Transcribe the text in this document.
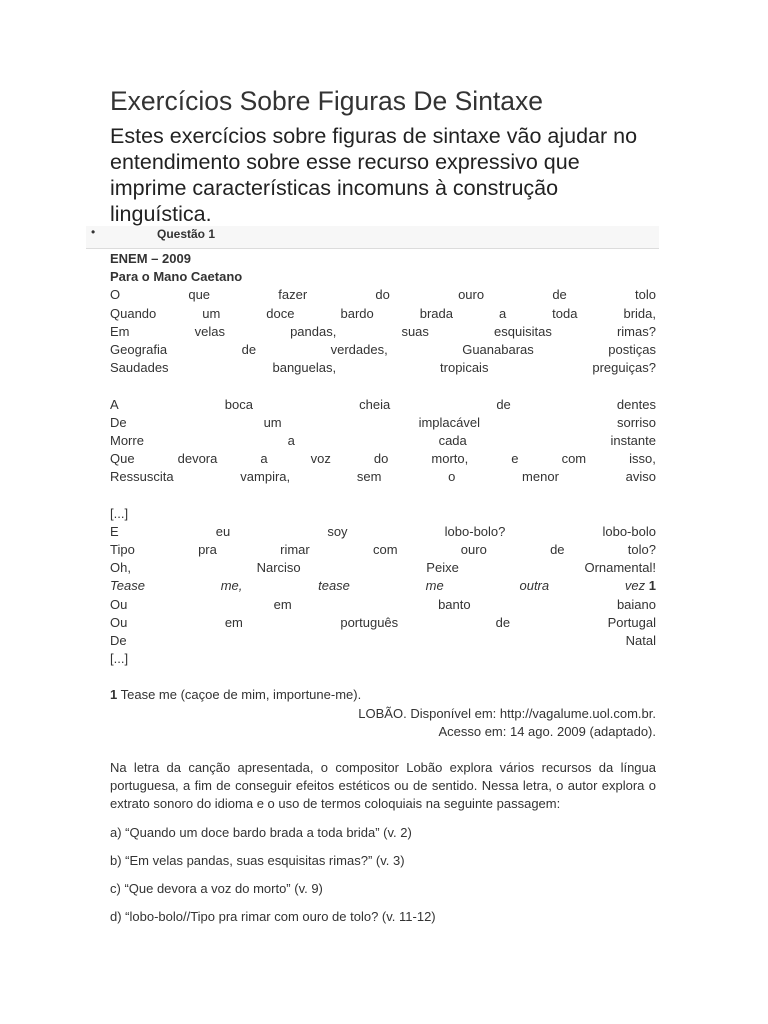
Exercícios Sobre Figuras De Sintaxe

Estes exercícios sobre figuras de sintaxe vão ajudar no entendimento sobre esse recurso expressivo que imprime características incomuns à construção linguística.

•	Questão 1
ENEM – 2009
Para o Mano Caetano
O	que	fazer	do	ouro	de	tolo
Quando	um	doce	bardo	brada	a	toda	brida,
Em	velas	pandas,	suas	esquisitas	rimas?
Geografia	de	verdades,	Guanabaras	postiças
Saudades	banguelas,	tropicais	preguiças?
A	boca	cheia	de	dentes
De	um	implacável	sorriso
Morre	a	cada	instante
Que	devora	a	voz	do	morto,	e	com	isso,
Ressuscita	vampira,	sem	o	menor	aviso
[...]
E	eu	soy	lobo-bolo?	lobo-bolo
Tipo	pra	rimar	com	ouro	de	tolo?
Oh,	Narciso	Peixe	Ornamental!
Tease	me,	tease	me	outra	vez 1
Ou	em	banto	baiano
Ou	em	português	de	Portugal
De	Natal
[...]
1 Tease me (caçoe de mim, importune-me).
LOBÃO. Disponível em: http://vagalume.uol.com.br.
Acesso em: 14 ago. 2009 (adaptado).

Na letra da canção apresentada, o compositor Lobão explora vários recursos da língua portuguesa, a fim de conseguir efeitos estéticos ou de sentido. Nessa letra, o autor explora o extrato sonoro do idioma e o uso de termos coloquiais na seguinte passagem:

a) “Quando um doce bardo brada a toda brida” (v. 2)

b) “Em velas pandas, suas esquisitas rimas?” (v. 3)

c) “Que devora a voz do morto” (v. 9)

d) “lobo-bolo//Tipo pra rimar com ouro de tolo? (v. 11-12)
